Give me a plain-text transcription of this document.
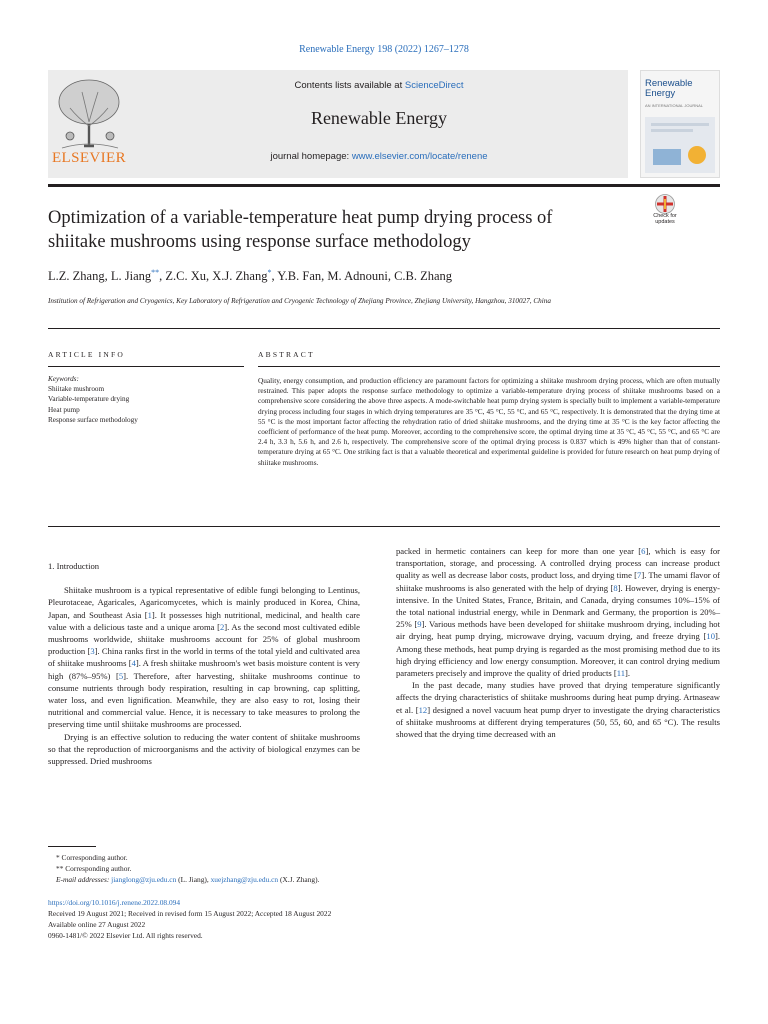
Renewable Energy 198 (2022) 1267–1278
ELSEVIER
Contents lists available at ScienceDirect
Renewable Energy
journal homepage: www.elsevier.com/locate/renene
Renewable Energy
AN INTERNATIONAL JOURNAL
Optimization of a variable-temperature heat pump drying process of shiitake mushrooms using response surface methodology
Check for updates
L.Z. Zhang, L. Jiang**, Z.C. Xu, X.J. Zhang*, Y.B. Fan, M. Adnouni, C.B. Zhang
Institution of Refrigeration and Cryogenics, Key Laboratory of Refrigeration and Cryogenic Technology of Zhejiang Province, Zhejiang University, Hangzhou, 310027, China
ARTICLE INFO	ABSTRACT
Keywords:
Shiitake mushroom
Variable-temperature drying
Heat pump
Response surface methodology
Quality, energy consumption, and production efficiency are paramount factors for optimizing a shiitake mushroom drying process, which are often mutually restrained. This paper adopts the response surface methodology to optimize a variable-temperature drying process of shiitake mushrooms based on a comprehensive score considering the above three aspects. A mode-switchable heat pump drying system is specially built to implement a variable-temperature drying process including four stages in which drying temperatures are 35 °C, 45 °C, 55 °C, and 65 °C, respectively. It is demonstrated that the drying time at 55 °C is the most important factor affecting the rehydration ratio of dried shiitake mushrooms, and the drying time at 35 °C is the key factor affecting the coefficient of performance of the heat pump. Moreover, according to the comprehensive score, the optimal drying time at 35 °C, 45 °C, 55 °C, and 65 °C are 2.4 h, 3.3 h, 5.6 h, and 2.6 h, respectively. The comprehensive score of the optimal drying process is 0.837 which is 49% higher than that of constant-temperature drying at 65 °C. One striking fact is that a valuable theoretical and experimental guideline is provided for future research on heat pump drying of shiitake mushrooms.
1. Introduction
Shiitake mushroom is a typical representative of edible fungi belonging to Lentinus, Pleurotaceae, Agaricales, Agaricomycetes, which is mainly produced in Korea, China, Japan, and Southeast Asia [1]. It possesses high nutritional, medicinal, and health care value with a delicious taste and a unique aroma [2]. As the second most cultivated edible mushrooms worldwide, shiitake mushrooms account for 25% of global mushroom production [3]. China ranks first in the world in terms of the total yield and cultivated area of shiitake mushrooms [4]. A fresh shiitake mushroom's wet basis moisture content is very high (87%–95%) [5]. Therefore, after harvesting, shiitake mushrooms continue to consume nutrients through body respiration, resulting in cap browning, cap splitting, water loss, and even lignification. Meanwhile, they are also easy to rot, losing their nutritional and commercial value. Hence, it is necessary to take measures to prolong the preserving time until shiitake mushrooms are processed.
Drying is an effective solution to reducing the water content of shiitake mushrooms so that the reproduction of microorganisms and the activity of biological enzymes can be suppressed. Dried mushrooms
packed in hermetic containers can keep for more than one year [6], which is easy for transportation, storage, and processing. A controlled drying process can increase product quality as well as decrease labor costs, product loss, and drying time [7]. The umami flavor of shiitake mushrooms is also generated with the help of drying [8]. However, drying is energy-intensive. In the United States, France, Britain, and Canada, drying consumes 10%–15% of the total national industrial energy, while in Denmark and Germany, the proportion is 20%–25% [9]. Various methods have been developed for shiitake mushroom drying, including hot air drying, heat pump drying, microwave drying, vacuum drying, and freeze drying [10]. Among these methods, heat pump drying is regarded as the most promising method due to its high drying efficiency and low energy consumption. Moreover, it can control drying medium parameters precisely and improve the quality of dried products [11].
In the past decade, many studies have proved that drying temperature significantly affects the drying characteristics of shiitake mushrooms during heat pump drying. Artnaseaw et al. [12] designed a novel vacuum heat pump dryer to investigate the drying characteristics of shiitake mushrooms at different drying temperatures (50, 55, 60, and 65 °C). The results showed that the drying time decreased with an
* Corresponding author.
** Corresponding author.
E-mail addresses: jianglong@zju.edu.cn (L. Jiang), xuejzhang@zju.edu.cn (X.J. Zhang).
https://doi.org/10.1016/j.renene.2022.08.094
Received 19 August 2021; Received in revised form 15 August 2022; Accepted 18 August 2022
Available online 27 August 2022
0960-1481/© 2022 Elsevier Ltd. All rights reserved.
